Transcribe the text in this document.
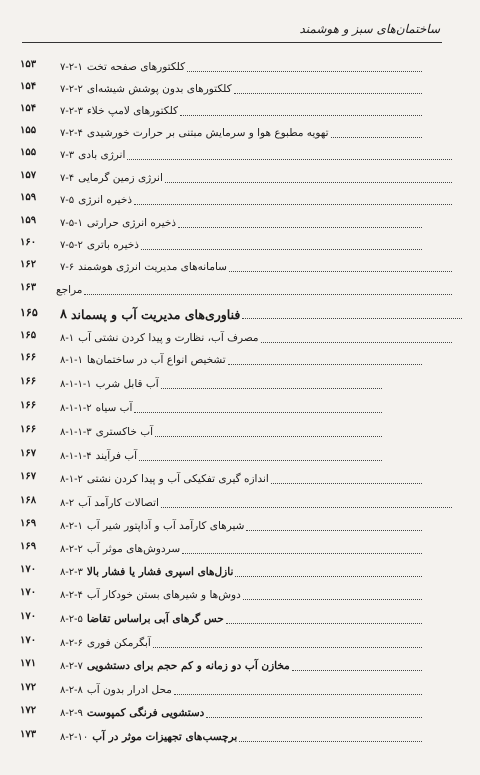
ساختمان‌های سبز و هوشمند
۱۵۳	۷-۲-۱ کلکتورهای صفحه تخت
۱۵۴	۷-۲-۲ کلکتورهای بدون پوشش شیشه‌ای
۱۵۴	۷-۲-۳ کلکتورهای لامپ خلاء
۱۵۵	۷-۲-۴ تهویه مطبوع هوا و سرمایش مبتنی بر حرارت خورشیدی
۱۵۵	۷-۳ انرژی بادی
۱۵۷	۷-۴ انرژی زمین گرمایی
۱۵۹	۷-۵ ذخیره انرژی
۱۵۹	۷-۵-۱ ذخیره انرژی حرارتی
۱۶۰	۷-۵-۲ ذخیره باتری
۱۶۲	۷-۶ سامانه‌های مدیریت انرژی هوشمند
۱۶۳	مراجع
۱۶۵	۸ فناوری‌های مدیریت آب و پسماند
۱۶۵	۸-۱ مصرف آب، نظارت و پیدا کردن نشتی آب
۱۶۶	۸-۱-۱ تشخیص انواع آب در ساختمان‌ها
۱۶۶	۸-۱-۱-۱ آب قابل شرب
۱۶۶	۸-۱-۱-۲ آب سیاه
۱۶۶	۸-۱-۱-۳ آب خاکستری
۱۶۷	۸-۱-۱-۴ آب فرآیند
۱۶۷	۸-۱-۲ اندازه گیری تفکیکی آب و پیدا کردن نشتی
۱۶۸	۸-۲ اتصالات کارآمد آب
۱۶۹	۸-۲-۱ شیرهای کارآمد آب و آداپتور شیر آب
۱۶۹	۸-۲-۲ سردوش‌های موثر آب
۱۷۰	۸-۲-۳ نازل‌های اسپری فشار یا فشار بالا
۱۷۰	۸-۲-۴ دوش‌ها و شیرهای بستن خودکار آب
۱۷۰	۸-۲-۵ حس گرهای آبی براساس تقاضا
۱۷۰	۸-۲-۶ آبگرمکن فوری
۱۷۱	۸-۲-۷ مخازن آب دو زمانه و کم حجم برای دستشویی
۱۷۲	۸-۲-۸ محل ادرار بدون آب
۱۷۲	۸-۲-۹ دستشویی فرنگی کمپوست
۱۷۳	۸-۲-۱۰ برچسب‌های تجهیزات موثر در آب
